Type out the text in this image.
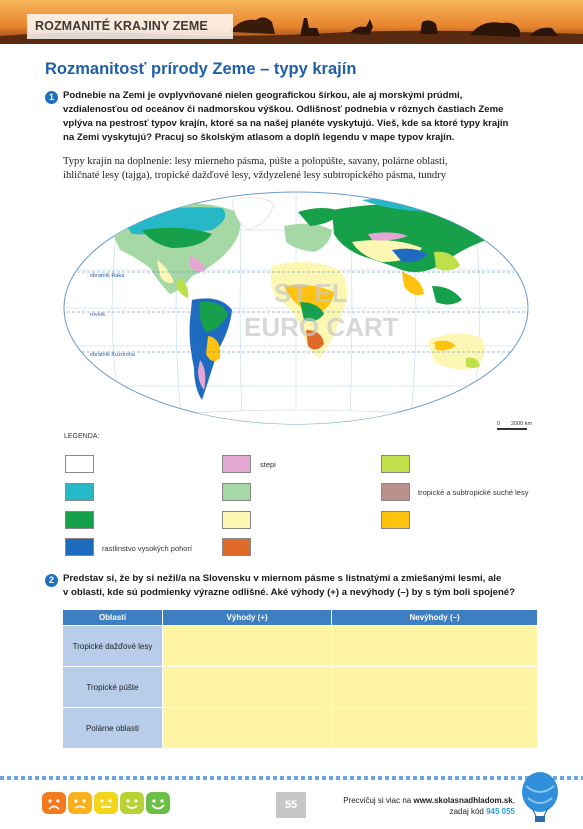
ROZMANITÉ KRAJINY ZEME
Rozmanitosť prírody Zeme – typy krajín
1 Podnebie na Zemi je ovplyvňované nielen geografickou šírkou, ale aj morskými prúdmi,
vzdialenosťou od oceánov či nadmorskou výškou. Odlišnosť podnebia v rôznych častiach Zeme
vplýva na pestrosť typov krajín, ktoré sa na našej planéte vyskytujú. Vieš, kde sa ktoré typy krajín
na Zemi vyskytujú? Pracuj so školským atlasom a doplň legendu v mape typov krajín.
Typy krajín na doplnenie: lesy mierneho pásma, púšte a polopúšte, savany, polárne oblasti,
ihličnaté lesy (tajga), tropické dažďové lesy, vždyzelené lesy subtropického pásma, tundry
obratník Raka
rovník
obratník Kozoroha
ST EL
EURO CART
0 2000 km
LEGENDA:
stepi
tropické a subtropické suché lesy
rastlinstvo vysokých pohorí
2 Predstav si, že by si nežil/a na Slovensku v miernom pásme s listnatými a zmiešanými lesmi, ale
v oblasti, kde sú podmienky výrazne odlišné. Aké výhody (+) a nevýhody (–) by s tým boli spojené?
Oblasti	Výhody (+)	Nevýhody (–)
Tropické dažďové lesy		
Tropické púšte		
Polárne oblasti		
55	Precvičuj si viac na www.skolasnadhladom.sk,
zadaj kód 945 055
